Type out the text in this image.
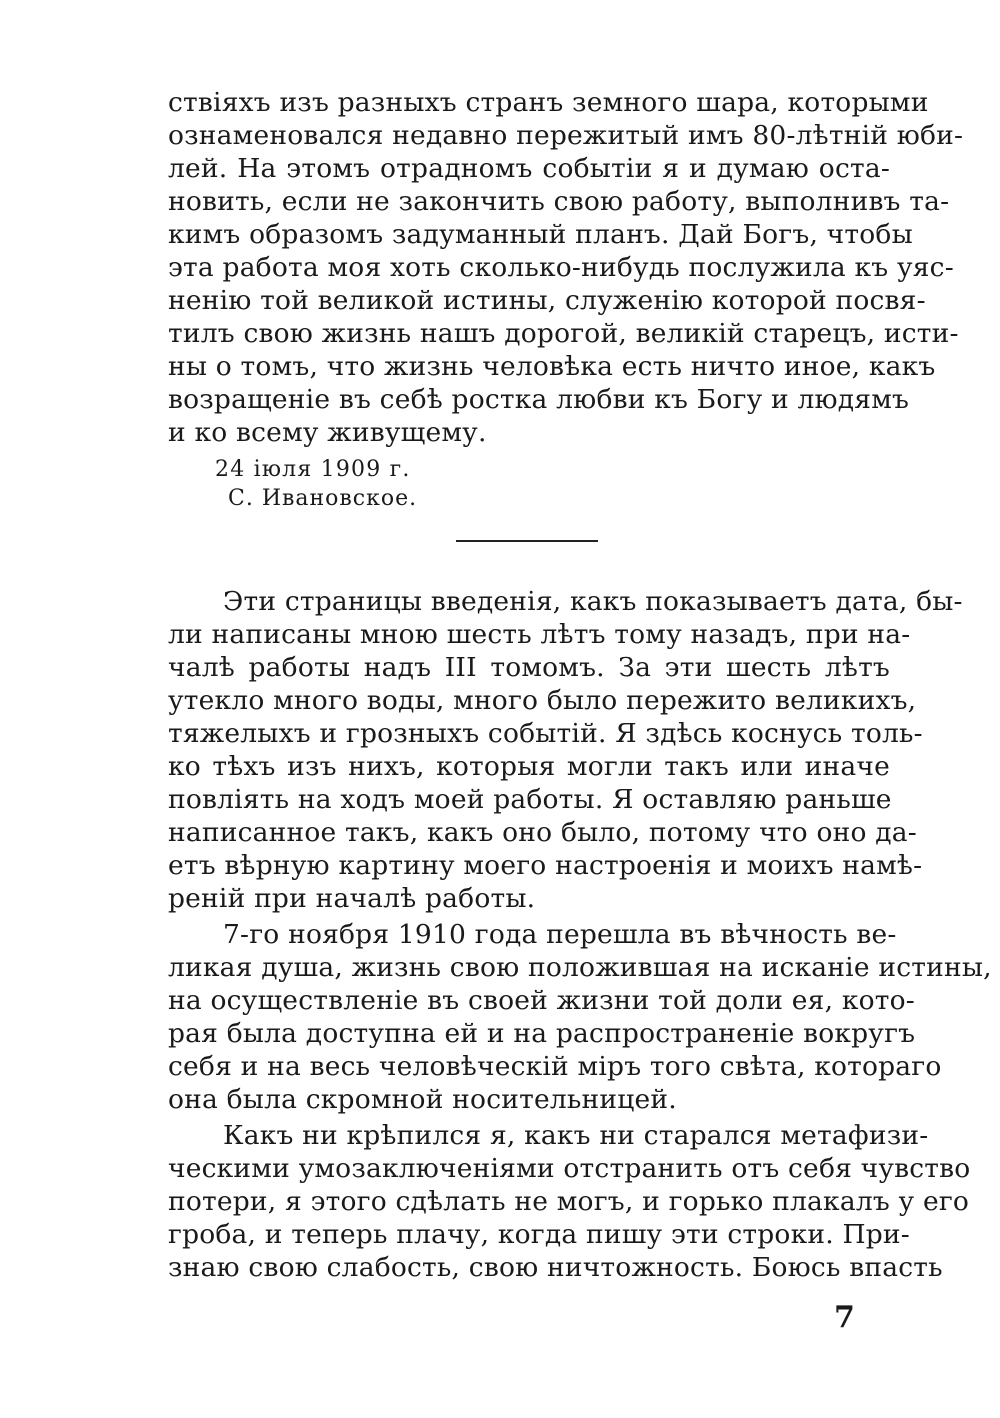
ствіяхъ изъ разныхъ странъ земного шара, которыми
ознаменовался недавно пережитый имъ 80-лѣтній юби-
лей. На этомъ отрадномъ событіи я и думаю оста-
новить, если не закончить свою работу, выполнивъ та-
кимъ образомъ задуманный планъ. Дай Богъ, чтобы
эта работа моя хоть сколько-нибудь послужила къ уяс-
ненію той великой истины, служенію которой посвя-
тилъ свою жизнь нашъ дорогой, великій старецъ, исти-
ны о томъ, что жизнь человѣка есть ничто иное, какъ
возращеніе въ себѣ ростка любви къ Богу и людямъ
и ко всему живущему.
24 іюля 1909 г.
С. Ивановское.
Эти страницы введенія, какъ показываетъ дата, бы-
ли написаны мною шесть лѣтъ тому назадъ, при на-
чалѣ работы надъ III томомъ. За эти шесть лѣтъ
утекло много воды, много было пережито великихъ,
тяжелыхъ и грозныхъ событій. Я здѣсь коснусь толь-
ко тѣхъ изъ нихъ, которыя могли такъ или иначе
повліять на ходъ моей работы. Я оставляю раньше
написанное такъ, какъ оно было, потому что оно да-
етъ вѣрную картину моего настроенія и моихъ намѣ-
реній при началѣ работы.
7-го ноября 1910 года перешла въ вѣчность ве-
ликая душа, жизнь свою положившая на исканіе истины,
на осуществленіе въ своей жизни той доли ея, кото-
рая была доступна ей и на распространеніе вокругъ
себя и на весь человѣческій міръ того свѣта, котораго
она была скромной носительницей.
Какъ ни крѣпился я, какъ ни старался метафизи-
ческими умозаключеніями отстранить отъ себя чувство
потери, я этого сдѣлать не могъ, и горько плакалъ у его
гроба, и теперь плачу, когда пишу эти строки. При-
знаю свою слабость, свою ничтожность. Боюсь впасть
7
